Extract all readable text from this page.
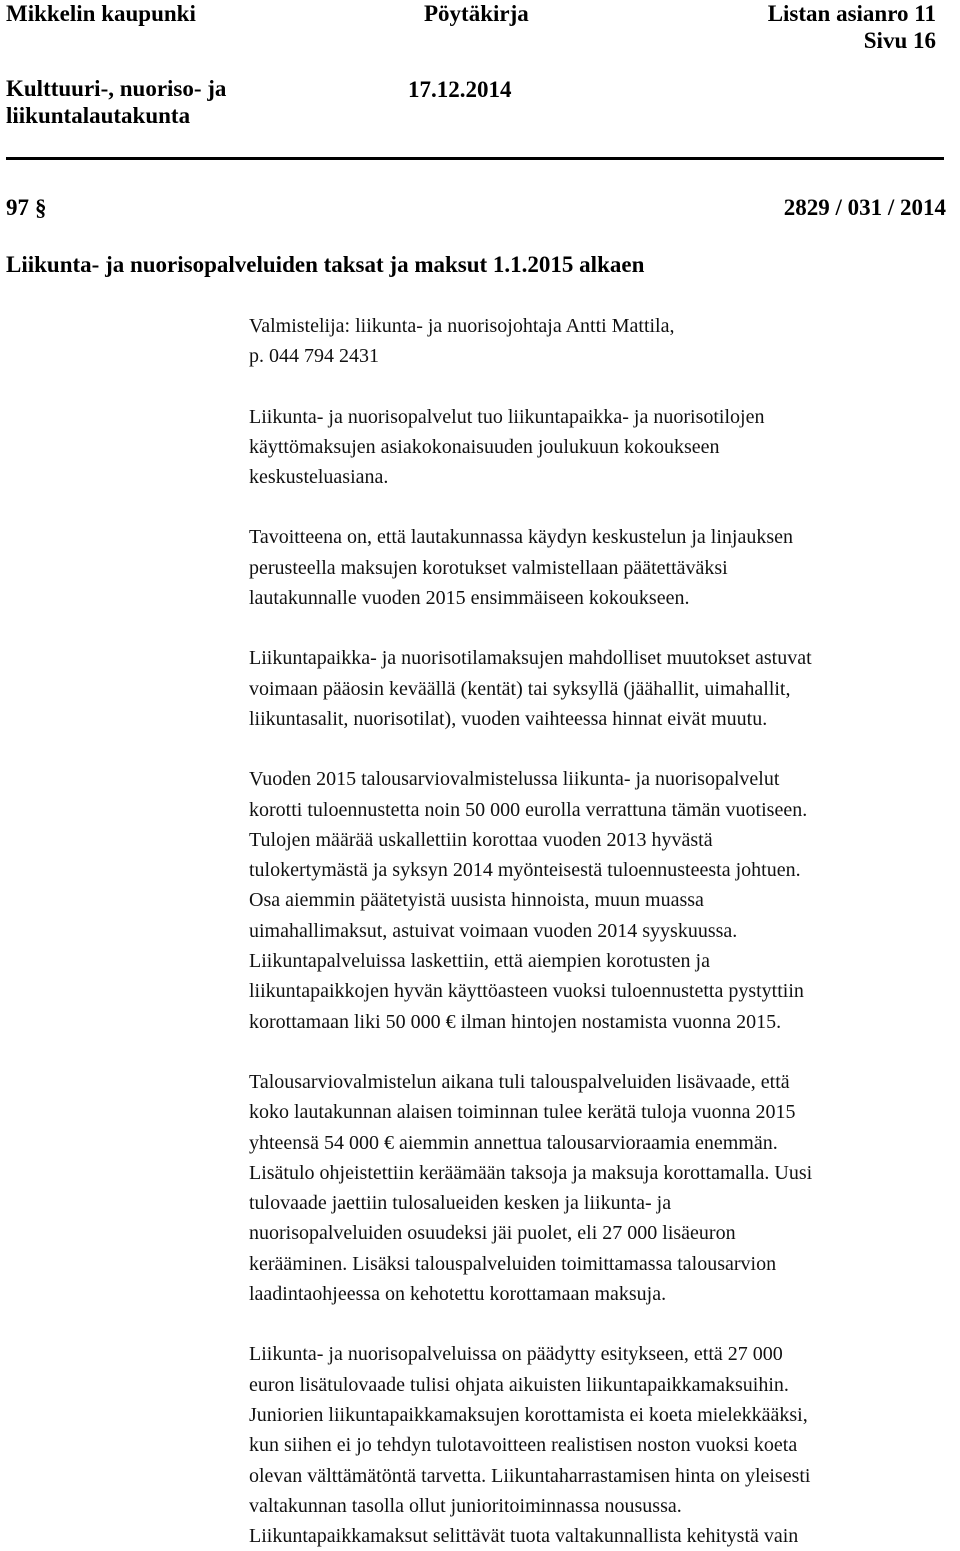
Mikkelin kaupunki	Pöytäkirja	Listan asianro 11
Sivu 16
Kulttuuri-, nuoriso- ja
liikuntalautakunta
17.12.2014
97 §	2829 / 031 / 2014
Liikunta- ja nuorisopalveluiden taksat ja maksut 1.1.2015 alkaen

Valmistelija: liikunta- ja nuorisojohtaja Antti Mattila,
p. 044 794 2431

Liikunta- ja nuorisopalvelut tuo liikuntapaikka- ja nuorisotilojen
käyttömaksujen asiakokonaisuuden joulukuun kokoukseen
keskusteluasiana.

Tavoitteena on, että lautakunnassa käydyn keskustelun ja linjauksen
perusteella maksujen korotukset valmistellaan päätettäväksi
lautakunnalle vuoden 2015 ensimmäiseen kokoukseen.

Liikuntapaikka- ja nuorisotilamaksujen mahdolliset muutokset astuvat
voimaan pääosin keväällä (kentät) tai syksyllä (jäähallit, uimahallit,
liikuntasalit, nuorisotilat), vuoden vaihteessa hinnat eivät muutu.

Vuoden 2015 talousarviovalmistelussa liikunta- ja nuorisopalvelut
korotti tuloennustetta noin 50 000 eurolla verrattuna tämän vuotiseen.
Tulojen määrää uskallettiin korottaa vuoden 2013 hyvästä
tulokertymästä ja syksyn 2014 myönteisestä tuloennusteesta johtuen.
Osa aiemmin päätetyistä uusista hinnoista, muun muassa
uimahallimaksut, astuivat voimaan vuoden 2014 syyskuussa.
Liikuntapalveluissa laskettiin, että aiempien korotusten ja
liikuntapaikkojen hyvän käyttöasteen vuoksi tuloennustetta pystyttiin
korottamaan liki 50 000 € ilman hintojen nostamista vuonna 2015.

Talousarviovalmistelun aikana tuli talouspalveluiden lisävaade, että
koko lautakunnan alaisen toiminnan tulee kerätä tuloja vuonna 2015
yhteensä 54 000 € aiemmin annettua talousarvioraamia enemmän.
Lisätulo ohjeistettiin keräämään taksoja ja maksuja korottamalla. Uusi
tulovaade jaettiin tulosalueiden kesken ja liikunta- ja
nuorisopalveluiden osuudeksi jäi puolet, eli 27 000 lisäeuron
kerääminen. Lisäksi talouspalveluiden toimittamassa talousarvion
laadintaohjeessa on kehotettu korottamaan maksuja.

Liikunta- ja nuorisopalveluissa on päädytty esitykseen, että 27 000
euron lisätulovaade tulisi ohjata aikuisten liikuntapaikkamaksuihin.
Juniorien liikuntapaikkamaksujen korottamista ei koeta mielekkääksi,
kun siihen ei jo tehdyn tulotavoitteen realistisen noston vuoksi koeta
olevan välttämätöntä tarvetta. Liikuntaharrastamisen hinta on yleisesti
valtakunnan tasolla ollut junioritoiminnassa nousussa.
Liikuntapaikkamaksut selittävät tuota valtakunnallista kehitystä vain
